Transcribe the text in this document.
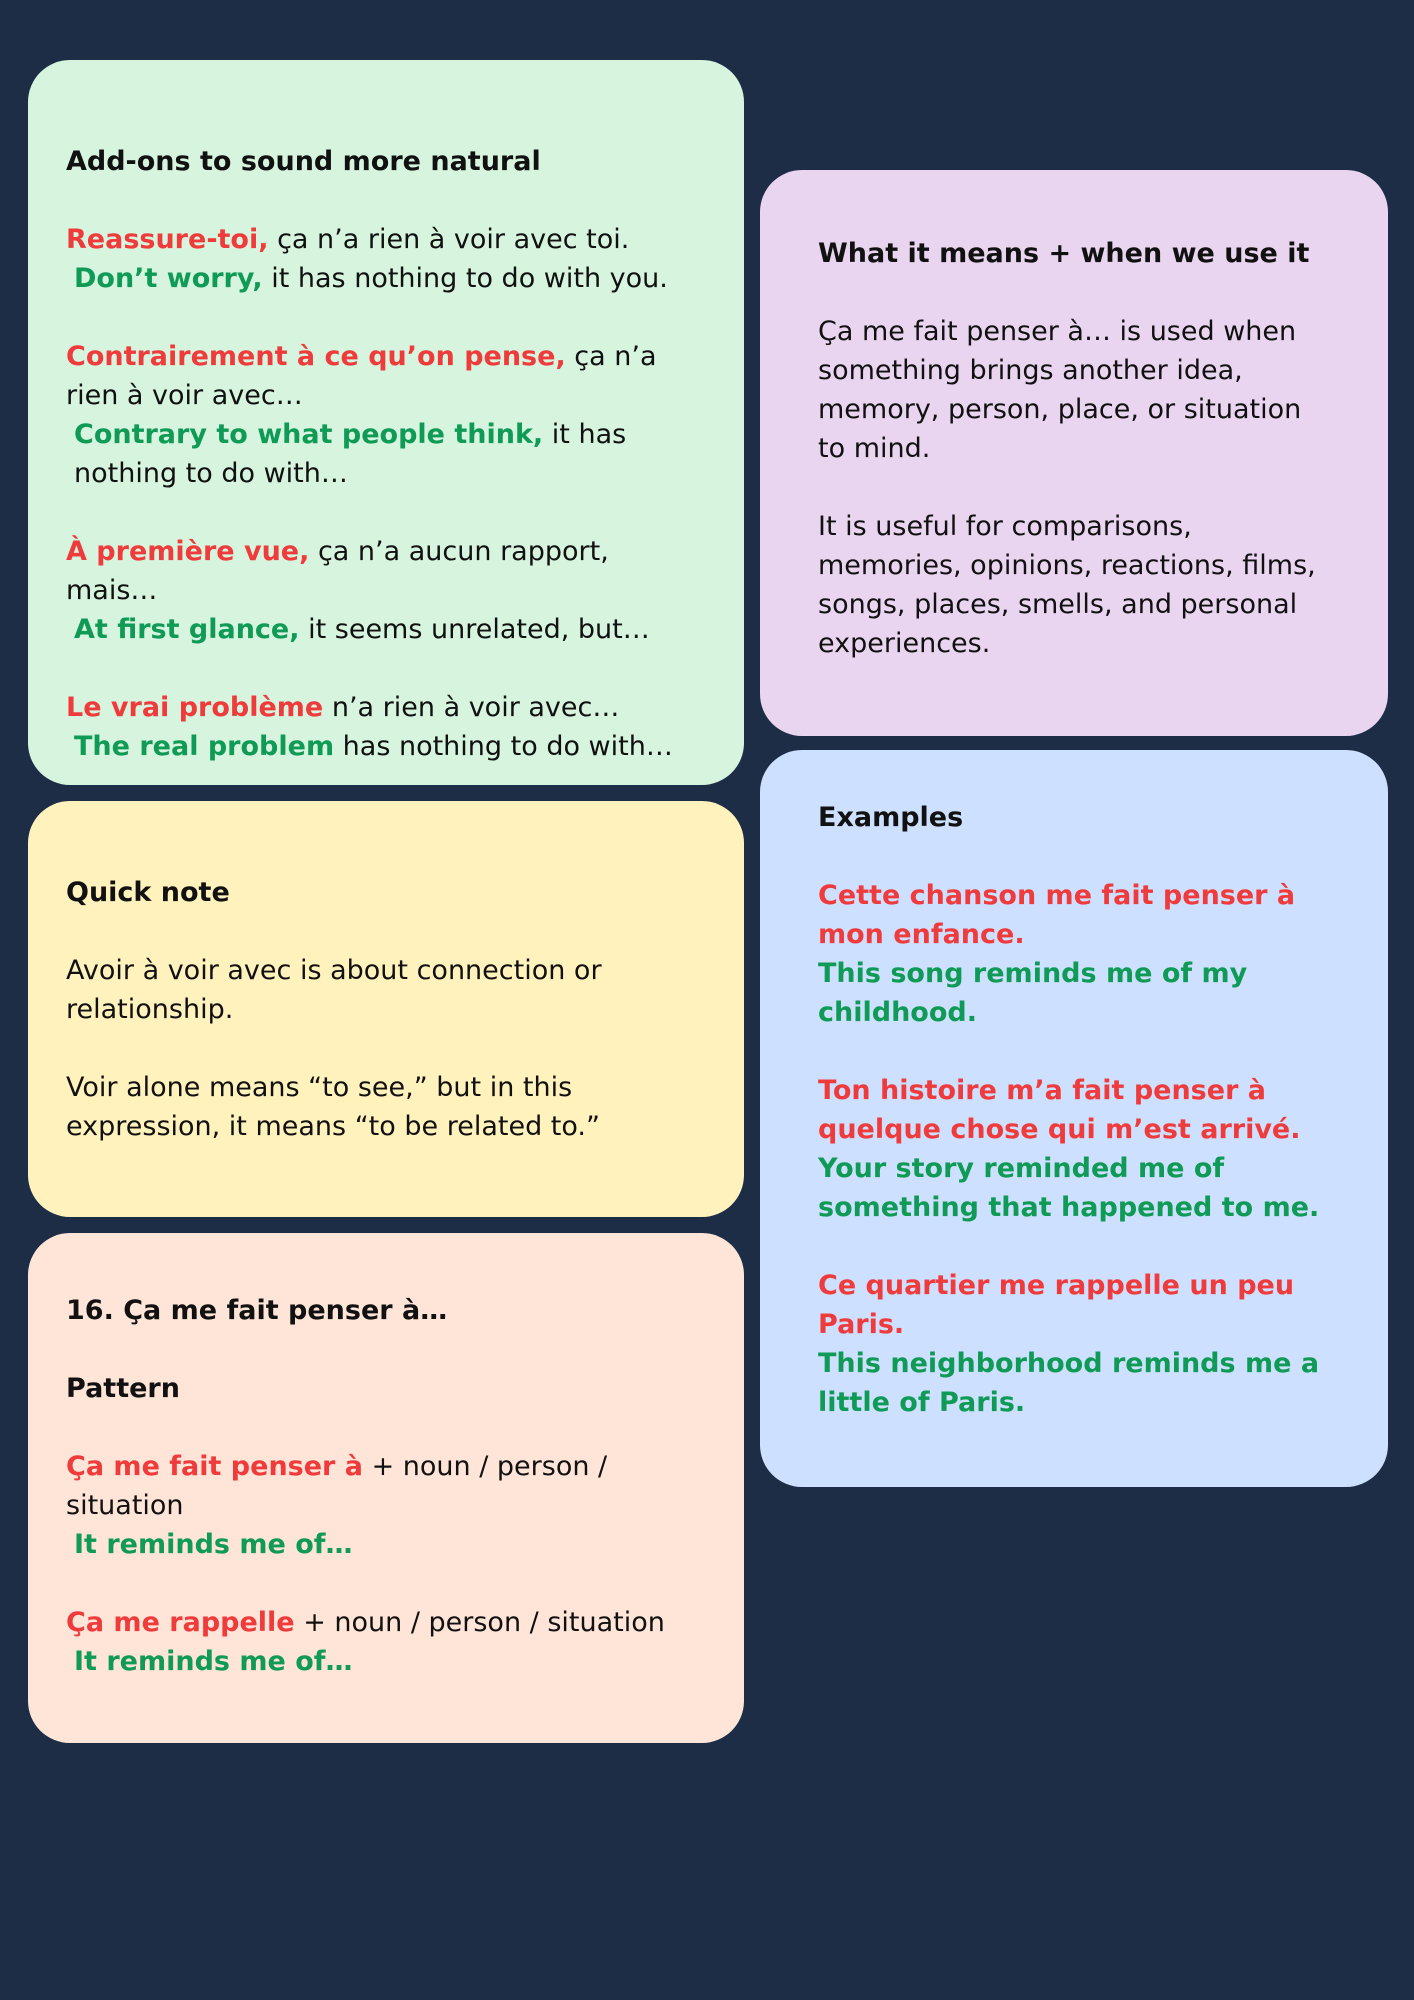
Add-ons to sound more natural

Reassure-toi, ça n’a rien à voir avec toi.
Don’t worry, it has nothing to do with you.

Contrairement à ce qu’on pense, ça n’a rien à voir avec…
Contrary to what people think, it has nothing to do with…

À première vue, ça n’a aucun rapport, mais…
At first glance, it seems unrelated, but…

Le vrai problème n’a rien à voir avec…
The real problem has nothing to do with…

Quick note

Avoir à voir avec is about connection or relationship.

Voir alone means “to see,” but in this expression, it means “to be related to.”

16. Ça me fait penser à…
Pattern

Ça me fait penser à + noun / person / situation
It reminds me of…

Ça me rappelle + noun / person / situation
It reminds me of…

What it means + when we use it

Ça me fait penser à… is used when something brings another idea, memory, person, place, or situation to mind.

It is useful for comparisons, memories, opinions, reactions, films, songs, places, smells, and personal experiences.

Examples

Cette chanson me fait penser à mon enfance.
This song reminds me of my childhood.

Ton histoire m’a fait penser à quelque chose qui m’est arrivé.
Your story reminded me of something that happened to me.

Ce quartier me rappelle un peu Paris.
This neighborhood reminds me a little of Paris.
